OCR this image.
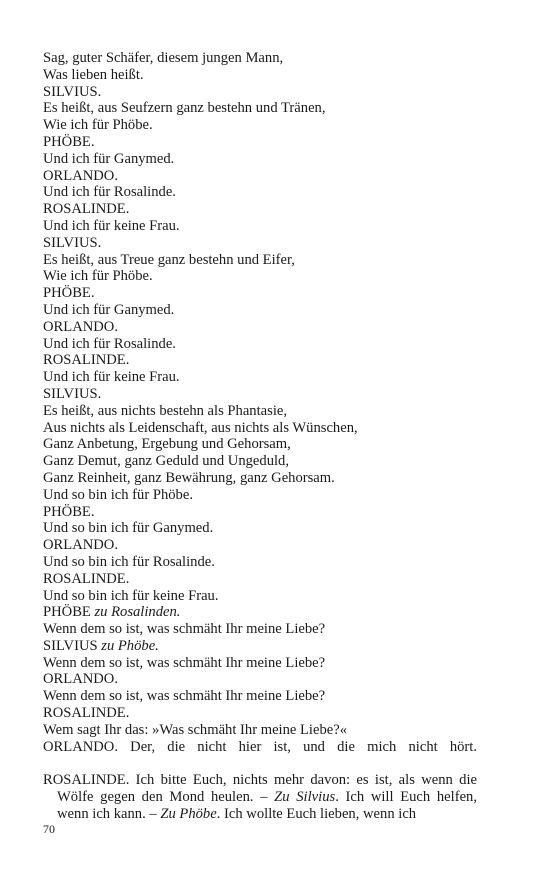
Sag, guter Schäfer, diesem jungen Mann,
Was lieben heißt.
SILVIUS.
Es heißt, aus Seufzern ganz bestehn und Tränen,
Wie ich für Phöbe.
PHÖBE.
Und ich für Ganymed.
ORLANDO.
Und ich für Rosalinde.
ROSALINDE.
Und ich für keine Frau.
SILVIUS.
Es heißt, aus Treue ganz bestehn und Eifer,
Wie ich für Phöbe.
PHÖBE.
Und ich für Ganymed.
ORLANDO.
Und ich für Rosalinde.
ROSALINDE.
Und ich für keine Frau.
SILVIUS.
Es heißt, aus nichts bestehn als Phantasie,
Aus nichts als Leidenschaft, aus nichts als Wünschen,
Ganz Anbetung, Ergebung und Gehorsam,
Ganz Demut, ganz Geduld und Ungeduld,
Ganz Reinheit, ganz Bewährung, ganz Gehorsam.
Und so bin ich für Phöbe.
PHÖBE.
Und so bin ich für Ganymed.
ORLANDO.
Und so bin ich für Rosalinde.
ROSALINDE.
Und so bin ich für keine Frau.
PHÖBE zu Rosalinden.
Wenn dem so ist, was schmäht Ihr meine Liebe?
SILVIUS zu Phöbe.
Wenn dem so ist, was schmäht Ihr meine Liebe?
ORLANDO.
Wenn dem so ist, was schmäht Ihr meine Liebe?
ROSALINDE.
Wem sagt Ihr das: »Was schmäht Ihr meine Liebe?«
ORLANDO. Der, die nicht hier ist, und die mich nicht hört.
ROSALINDE. Ich bitte Euch, nichts mehr davon: es ist, als wenn die Wölfe gegen den Mond heulen. – Zu Silvius. Ich will Euch helfen, wenn ich kann. – Zu Phöbe. Ich wollte Euch lieben, wenn ich
70
